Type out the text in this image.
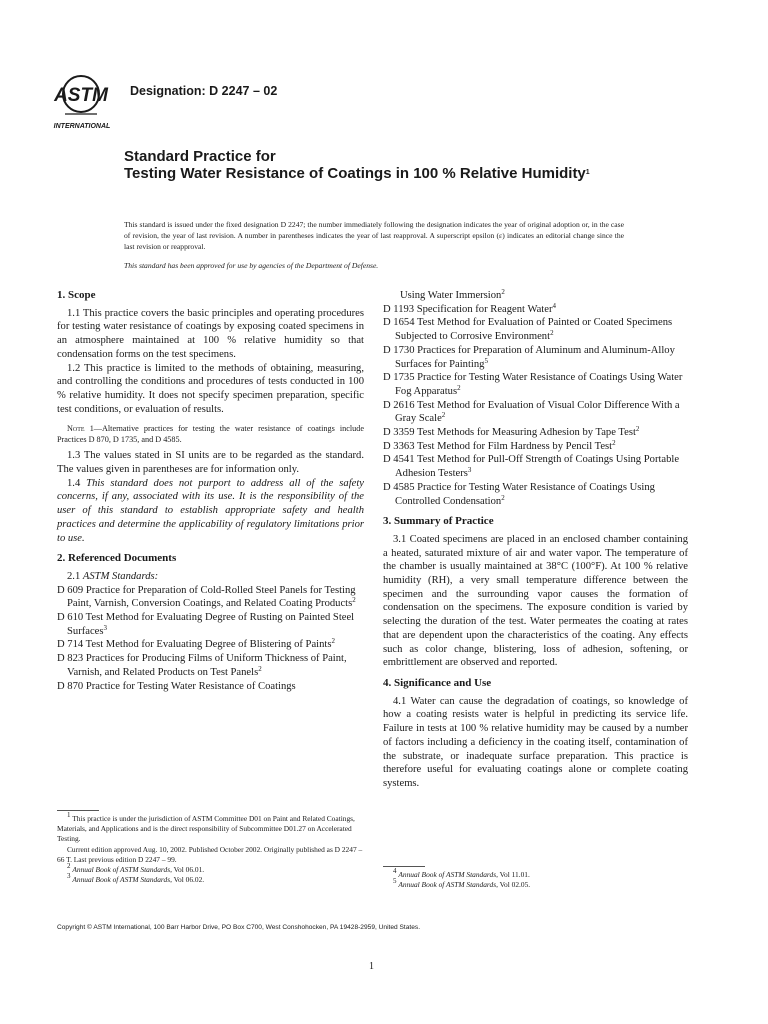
ASTM
INTERNATIONAL
Designation: D 2247 – 02
Standard Practice for
Testing Water Resistance of Coatings in 100 % Relative Humidity$^1$
This standard is issued under the fixed designation D 2247; the number immediately following the designation indicates the year of original adoption or, in the case of revision, the year of last revision. A number in parentheses indicates the year of last reapproval. A superscript epsilon (ε) indicates an editorial change since the last revision or reapproval.
This standard has been approved for use by agencies of the Department of Defense.
1. Scope

1.1 This practice covers the basic principles and operating procedures for testing water resistance of coatings by exposing coated specimens in an atmosphere maintained at 100 % relative humidity so that condensation forms on the test specimens.

1.2 This practice is limited to the methods of obtaining, measuring, and controlling the conditions and procedures of tests conducted in 100 % relative humidity. It does not specify specimen preparation, specific test conditions, or evaluation of results.

Note 1—Alternative practices for testing the water resistance of coatings include Practices D 870, D 1735, and D 4585.

1.3 The values stated in SI units are to be regarded as the standard. The values given in parentheses are for information only.

1.4 This standard does not purport to address all of the safety concerns, if any, associated with its use. It is the responsibility of the user of this standard to establish appropriate safety and health practices and determine the applicability of regulatory limitations prior to use.

2. Referenced Documents

2.1 ASTM Standards:

D 609 Practice for Preparation of Cold-Rolled Steel Panels for Testing Paint, Varnish, Conversion Coatings, and Related Coating Products$^2$

D 610 Test Method for Evaluating Degree of Rusting on Painted Steel Surfaces$^3$

D 714 Test Method for Evaluating Degree of Blistering of Paints$^2$

D 823 Practices for Producing Films of Uniform Thickness of Paint, Varnish, and Related Products on Test Panels$^2$

D 870 Practice for Testing Water Resistance of Coatings

Using Water Immersion$^2$

D 1193 Specification for Reagent Water$^4$

D 1654 Test Method for Evaluation of Painted or Coated Specimens Subjected to Corrosive Environment$^2$

D 1730 Practices for Preparation of Aluminum and Aluminum-Alloy Surfaces for Painting$^5$

D 1735 Practice for Testing Water Resistance of Coatings Using Water Fog Apparatus$^2$

D 2616 Test Method for Evaluation of Visual Color Difference With a Gray Scale$^2$

D 3359 Test Methods for Measuring Adhesion by Tape Test$^2$

D 3363 Test Method for Film Hardness by Pencil Test$^2$

D 4541 Test Method for Pull-Off Strength of Coatings Using Portable Adhesion Testers$^3$

D 4585 Practice for Testing Water Resistance of Coatings Using Controlled Condensation$^2$

3. Summary of Practice

3.1 Coated specimens are placed in an enclosed chamber containing a heated, saturated mixture of air and water vapor. The temperature of the chamber is usually maintained at 38°C (100°F). At 100 % relative humidity (RH), a very small temperature difference between the specimen and the surrounding vapor causes the formation of condensation on the specimens. The exposure condition is varied by selecting the duration of the test. Water permeates the coating at rates that are dependent upon the characteristics of the coating. Any effects such as color change, blistering, loss of adhesion, softening, or embrittlement are observed and reported.

4. Significance and Use

4.1 Water can cause the degradation of coatings, so knowledge of how a coating resists water is helpful in predicting its service life. Failure in tests at 100 % relative humidity may be caused by a number of factors including a deficiency in the coating itself, contamination of the substrate, or inadequate surface preparation. This practice is therefore useful for evaluating coatings alone or complete coating systems.

$^1$ This practice is under the jurisdiction of ASTM Committee D01 on Paint and Related Coatings, Materials, and Applications and is the direct responsibility of Subcommittee D01.27 on Accelerated Testing.

Current edition approved Aug. 10, 2002. Published October 2002. Originally published as D 2247 – 66 T. Last previous edition D 2247 – 99.

$^2$ Annual Book of ASTM Standards, Vol 06.01.

$^3$ Annual Book of ASTM Standards, Vol 06.02.

$^4$ Annual Book of ASTM Standards, Vol 11.01.

$^5$ Annual Book of ASTM Standards, Vol 02.05.

Copyright © ASTM International, 100 Barr Harbor Drive, PO Box C700, West Conshohocken, PA 19428-2959, United States.
1
